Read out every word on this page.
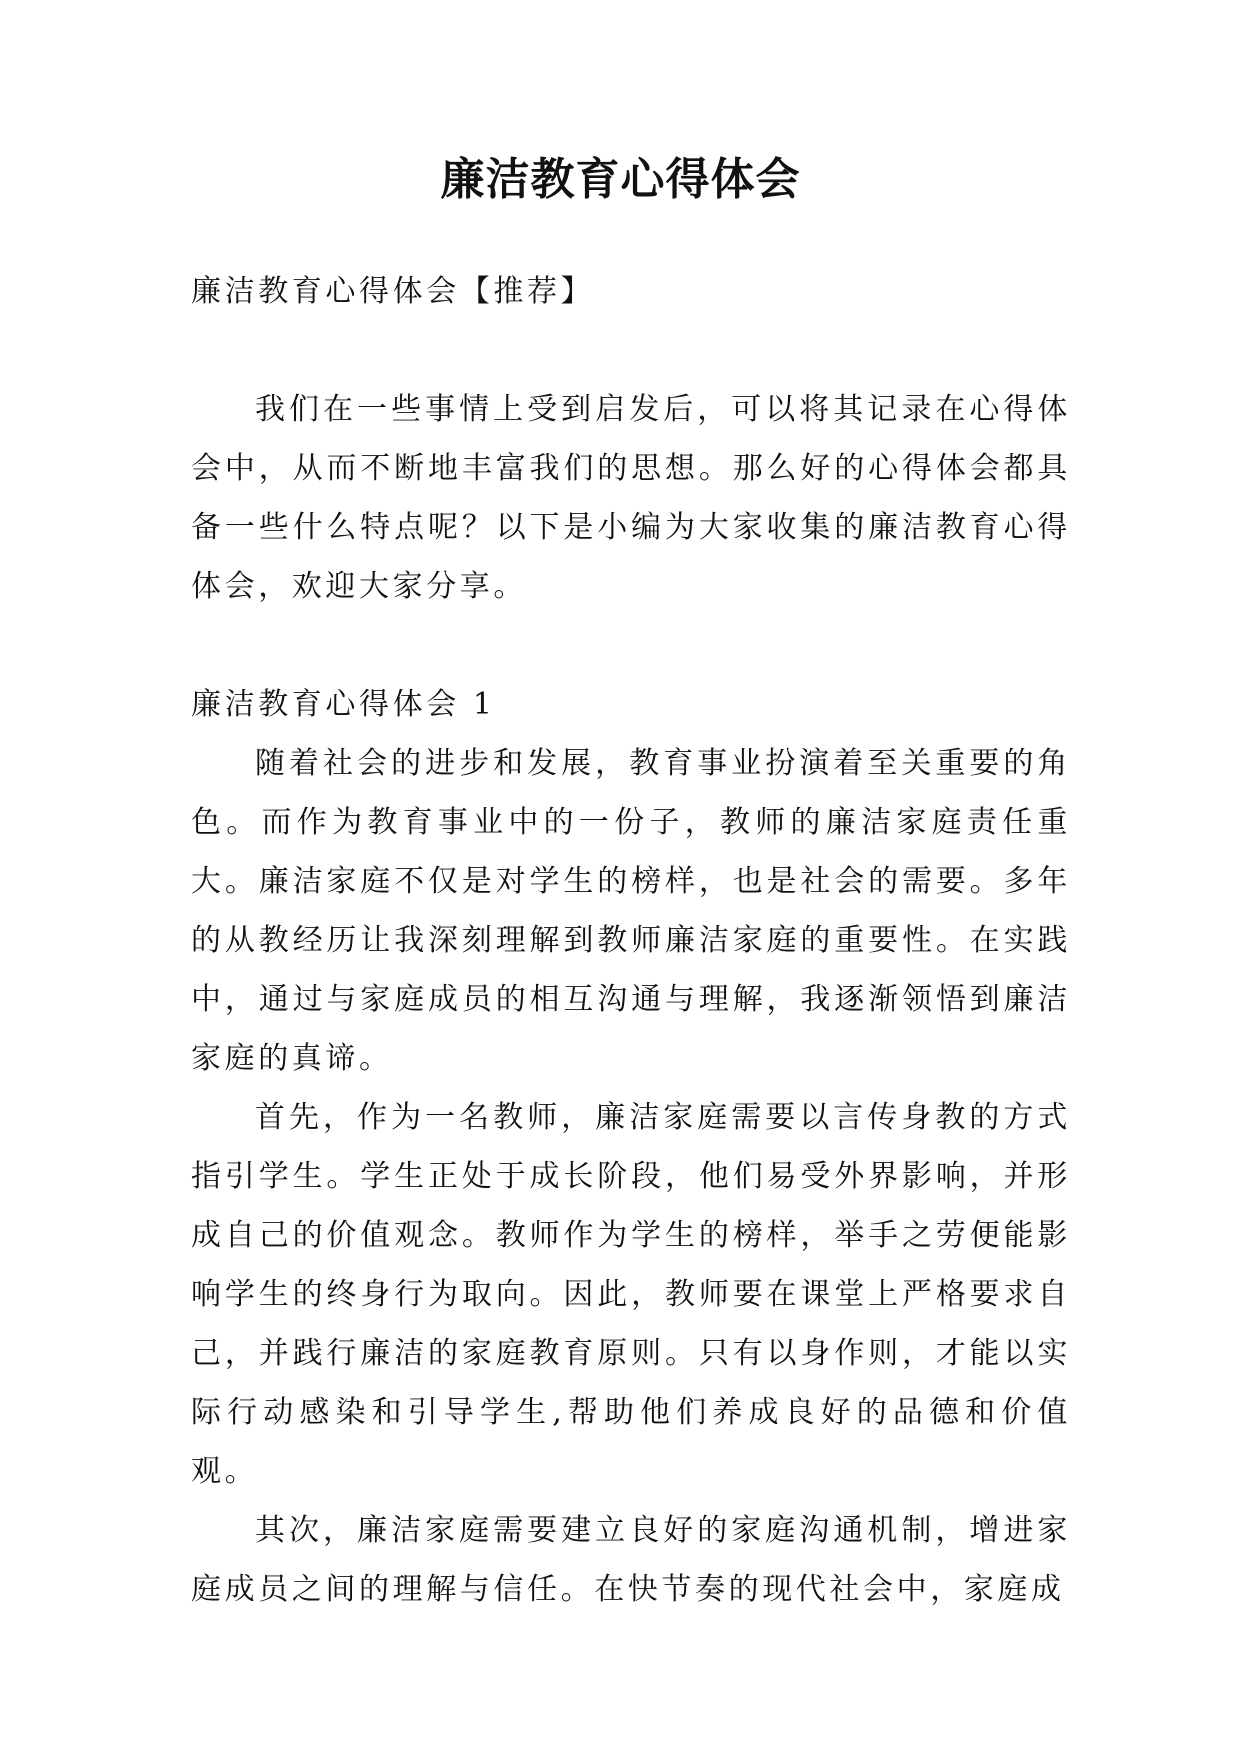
廉洁教育心得体会

廉洁教育心得体会【推荐】

我们在一些事情上受到启发后，可以将其记录在心得体会中，从而不断地丰富我们的思想。那么好的心得体会都具备一些什么特点呢？以下是小编为大家收集的廉洁教育心得体会，欢迎大家分享。

廉洁教育心得体会 1

随着社会的进步和发展，教育事业扮演着至关重要的角色。而作为教育事业中的一份子，教师的廉洁家庭责任重大。廉洁家庭不仅是对学生的榜样，也是社会的需要。多年的从教经历让我深刻理解到教师廉洁家庭的重要性。在实践中，通过与家庭成员的相互沟通与理解，我逐渐领悟到廉洁家庭的真谛。

首先，作为一名教师，廉洁家庭需要以言传身教的方式指引学生。学生正处于成长阶段，他们易受外界影响，并形成自己的价值观念。教师作为学生的榜样，举手之劳便能影响学生的终身行为取向。因此，教师要在课堂上严格要求自己，并践行廉洁的家庭教育原则。只有以身作则，才能以实际行动感染和引导学生,帮助他们养成良好的品德和价值观。

其次，廉洁家庭需要建立良好的家庭沟通机制，增进家庭成员之间的理解与信任。在快节奏的现代社会中，家庭成
